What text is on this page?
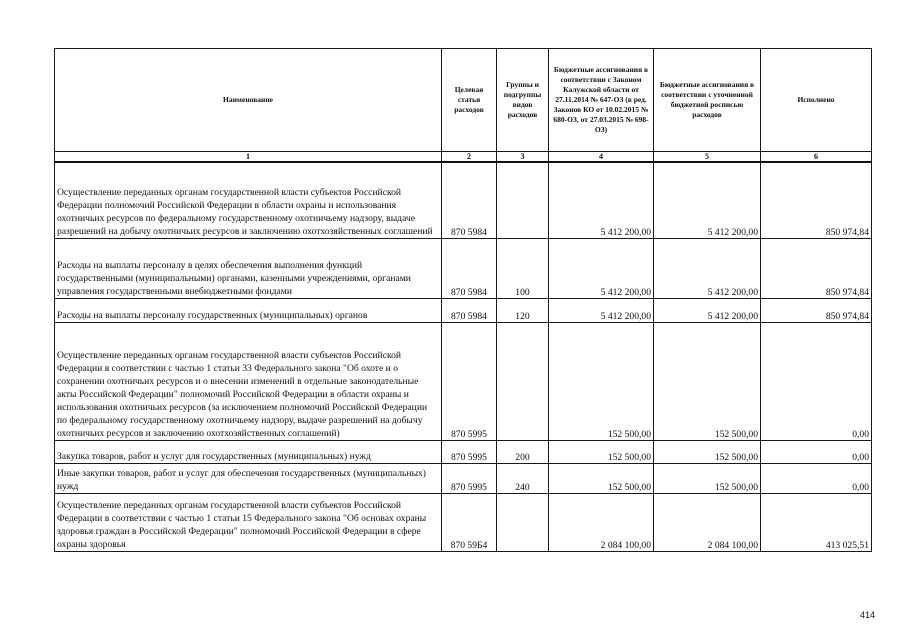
Наименование	Целевая статья расходов	Группы и подгруппы видов расходов	Бюджетные ассигнования в соответствии с Законом Калужской области от 27.11.2014 № 647-ОЗ (в ред. Законов КО от 10.02.2015 № 680-ОЗ, от 27.03.2015 № 698-ОЗ)	Бюджетные ассигнования в соответствии с уточненной бюджетной росписью расходов	Исполнено
1	2	3	4	5	6
Осуществление переданных органам государственной власти субъектов Российской Федерации полномочий Российской Федерации в области охраны и использования охотничьих ресурсов по федеральному государственному охотничьему надзору, выдаче разрешений на добычу охотничьих ресурсов и заключению охотхозяйственных соглашений	870 5984		5 412 200,00	5 412 200,00	850 974,84
Расходы на выплаты персоналу в целях обеспечения выполнения функций государственными (муниципальными) органами, казенными учреждениями, органами управления государственными внебюджетными фондами	870 5984	100	5 412 200,00	5 412 200,00	850 974,84
Расходы на выплаты персоналу государственных (муниципальных) органов	870 5984	120	5 412 200,00	5 412 200,00	850 974,84
Осуществление переданных органам государственной власти субъектов Российской Федерации в соответствии с частью 1 статьи 33 Федерального закона "Об охоте и о сохранении охотничьих ресурсов и о внесении изменений в отдельные законодательные акты Российской Федерации" полномочий Российской Федерации в области охраны и использования охотничьих ресурсов (за исключением полномочий Российской Федерации по федеральному государственному охотничьему надзору, выдаче разрешений на добычу охотничьих ресурсов и заключению охотхозяйственных соглашений)	870 5995		152 500,00	152 500,00	0,00
Закупка товаров, работ и услуг для государственных (муниципальных) нужд	870 5995	200	152 500,00	152 500,00	0,00
Иные закупки товаров, работ и услуг для обеспечения государственных (муниципальных) нужд	870 5995	240	152 500,00	152 500,00	0,00
Осуществление переданных органам государственной власти субъектов Российской Федерации в соответствии с частью 1 статьи 15 Федерального закона "Об основах охраны здоровья граждан в Российской Федерации" полномочий Российской Федерации в сфере охраны здоровья	870 59Б4		2 084 100,00	2 084 100,00	413 025,51
414
